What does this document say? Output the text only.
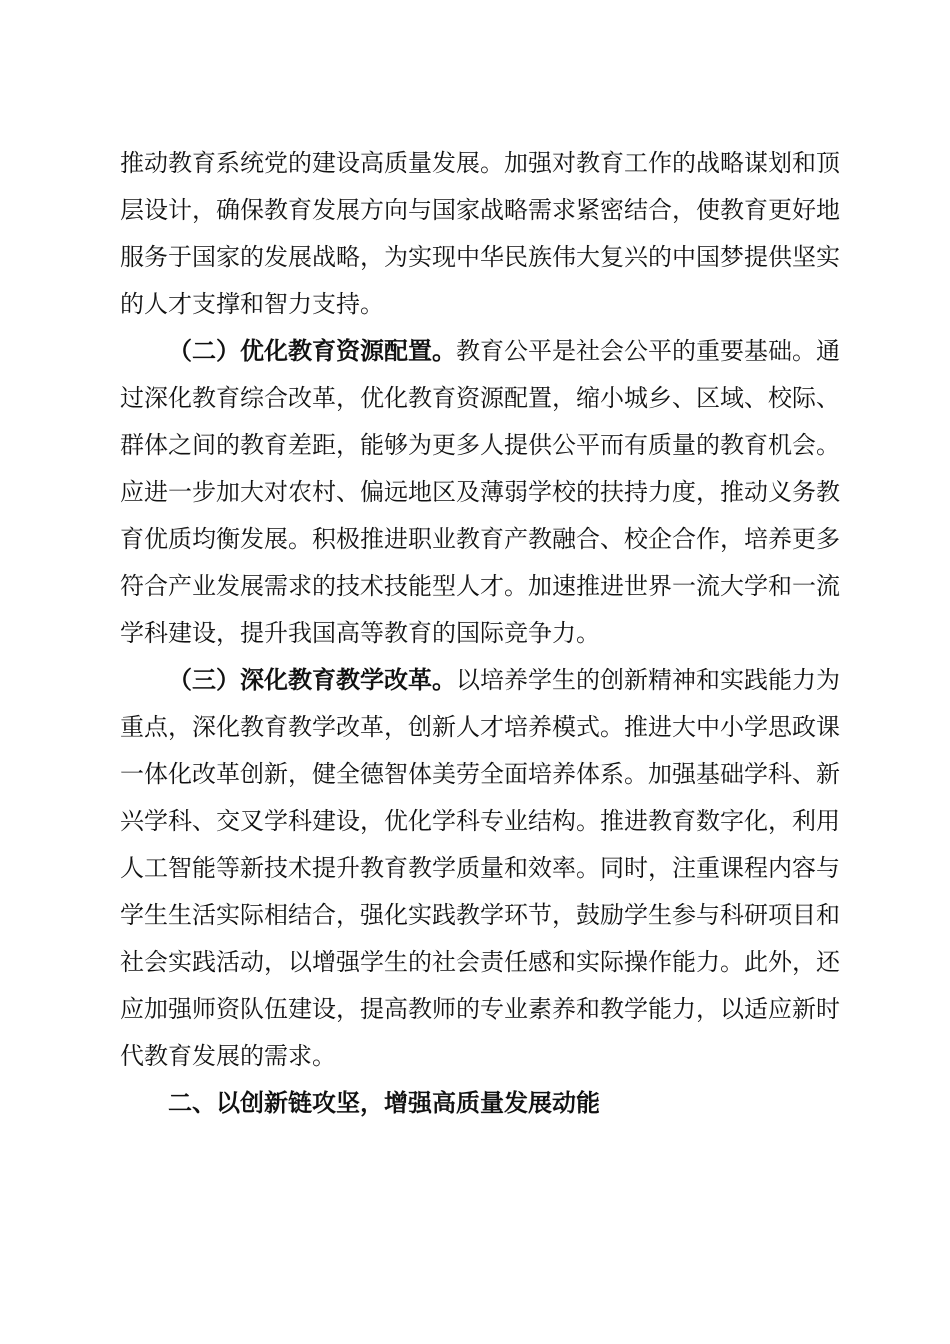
推动教育系统党的建设高质量发展。加强对教育工作的战略谋划和顶层设计，确保教育发展方向与国家战略需求紧密结合，使教育更好地服务于国家的发展战略，为实现中华民族伟大复兴的中国梦提供坚实的人才支撑和智力支持。

（二）优化教育资源配置。教育公平是社会公平的重要基础。通过深化教育综合改革，优化教育资源配置，缩小城乡、区域、校际、群体之间的教育差距，能够为更多人提供公平而有质量的教育机会。应进一步加大对农村、偏远地区及薄弱学校的扶持力度，推动义务教育优质均衡发展。积极推进职业教育产教融合、校企合作，培养更多符合产业发展需求的技术技能型人才。加速推进世界一流大学和一流学科建设，提升我国高等教育的国际竞争力。

（三）深化教育教学改革。以培养学生的创新精神和实践能力为重点，深化教育教学改革，创新人才培养模式。推进大中小学思政课一体化改革创新，健全德智体美劳全面培养体系。加强基础学科、新兴学科、交叉学科建设，优化学科专业结构。推进教育数字化，利用人工智能等新技术提升教育教学质量和效率。同时，注重课程内容与学生生活实际相结合，强化实践教学环节，鼓励学生参与科研项目和社会实践活动，以增强学生的社会责任感和实际操作能力。此外，还应加强师资队伍建设，提高教师的专业素养和教学能力，以适应新时代教育发展的需求。

二、以创新链攻坚，增强高质量发展动能
